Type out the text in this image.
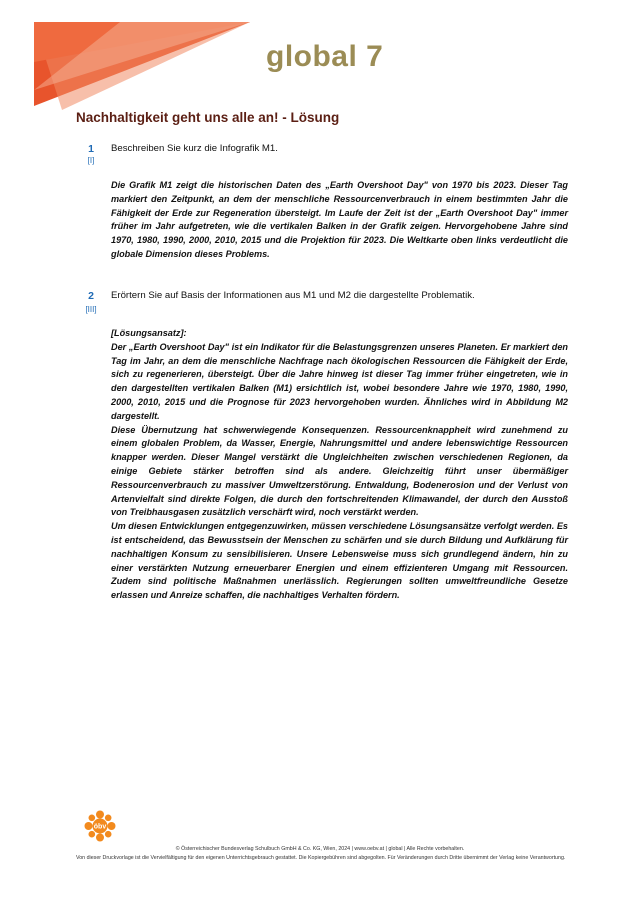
global 7
Nachhaltigkeit geht uns alle an! - Lösung
1
[I]
Beschreiben Sie kurz die Infografik M1.

Die Grafik M1 zeigt die historischen Daten des „Earth Overshoot Day" von 1970 bis 2023. Dieser Tag markiert den Zeitpunkt, an dem der menschliche Ressourcenverbrauch in einem bestimmten Jahr die Fähigkeit der Erde zur Regeneration übersteigt. Im Laufe der Zeit ist der „Earth Overshoot Day" immer früher im Jahr aufgetreten, wie die vertikalen Balken in der Grafik zeigen. Hervorgehobene Jahre sind 1970, 1980, 1990, 2000, 2010, 2015 und die Projektion für 2023. Die Weltkarte oben links verdeutlicht die globale Dimension dieses Problems.

2
[III]
Erörtern Sie auf Basis der Informationen aus M1 und M2 die dargestellte Problematik.

[Lösungsansatz]:

Der „Earth Overshoot Day" ist ein Indikator für die Belastungsgrenzen unseres Planeten. Er markiert den Tag im Jahr, an dem die menschliche Nachfrage nach ökologischen Ressourcen die Fähigkeit der Erde, sich zu regenerieren, übersteigt. Über die Jahre hinweg ist dieser Tag immer früher eingetreten, wie in den dargestellten vertikalen Balken (M1) ersichtlich ist, wobei besondere Jahre wie 1970, 1980, 1990, 2000, 2010, 2015 und die Prognose für 2023 hervorgehoben wurden. Ähnliches wird in Abbildung M2 dargestellt.

Diese Übernutzung hat schwerwiegende Konsequenzen. Ressourcenknappheit wird zunehmend zu einem globalen Problem, da Wasser, Energie, Nahrungsmittel und andere lebenswichtige Ressourcen knapper werden. Dieser Mangel verstärkt die Ungleichheiten zwischen verschiedenen Regionen, da einige Gebiete stärker betroffen sind als andere. Gleichzeitig führt unser übermäßiger Ressourcenverbrauch zu massiver Umweltzerstörung. Entwaldung, Bodenerosion und der Verlust von Artenvielfalt sind direkte Folgen, die durch den fortschreitenden Klimawandel, der durch den Ausstoß von Treibhausgasen zusätzlich verschärft wird, noch verstärkt werden.

Um diesen Entwicklungen entgegenzuwirken, müssen verschiedene Lösungsansätze verfolgt werden. Es ist entscheidend, das Bewusstsein der Menschen zu schärfen und sie durch Bildung und Aufklärung für nachhaltigen Konsum zu sensibilisieren. Unsere Lebensweise muss sich grundlegend ändern, hin zu einer verstärkten Nutzung erneuerbarer Energien und einem effizienteren Umgang mit Ressourcen. Zudem sind politische Maßnahmen unerlässlich. Regierungen sollten umweltfreundliche Gesetze erlassen und Anreize schaffen, die nachhaltiges Verhalten fördern.

öbv
© Österreichischer Bundesverlag Schulbuch GmbH & Co. KG, Wien, 2024 | www.oebv.at | global | Alle Rechte vorbehalten.
Von dieser Druckvorlage ist die Vervielfältigung für den eigenen Unterrichtsgebrauch gestattet. Die Kopiergebühren sind abgegolten. Für Veränderungen durch Dritte übernimmt der Verlag keine Verantwortung.
